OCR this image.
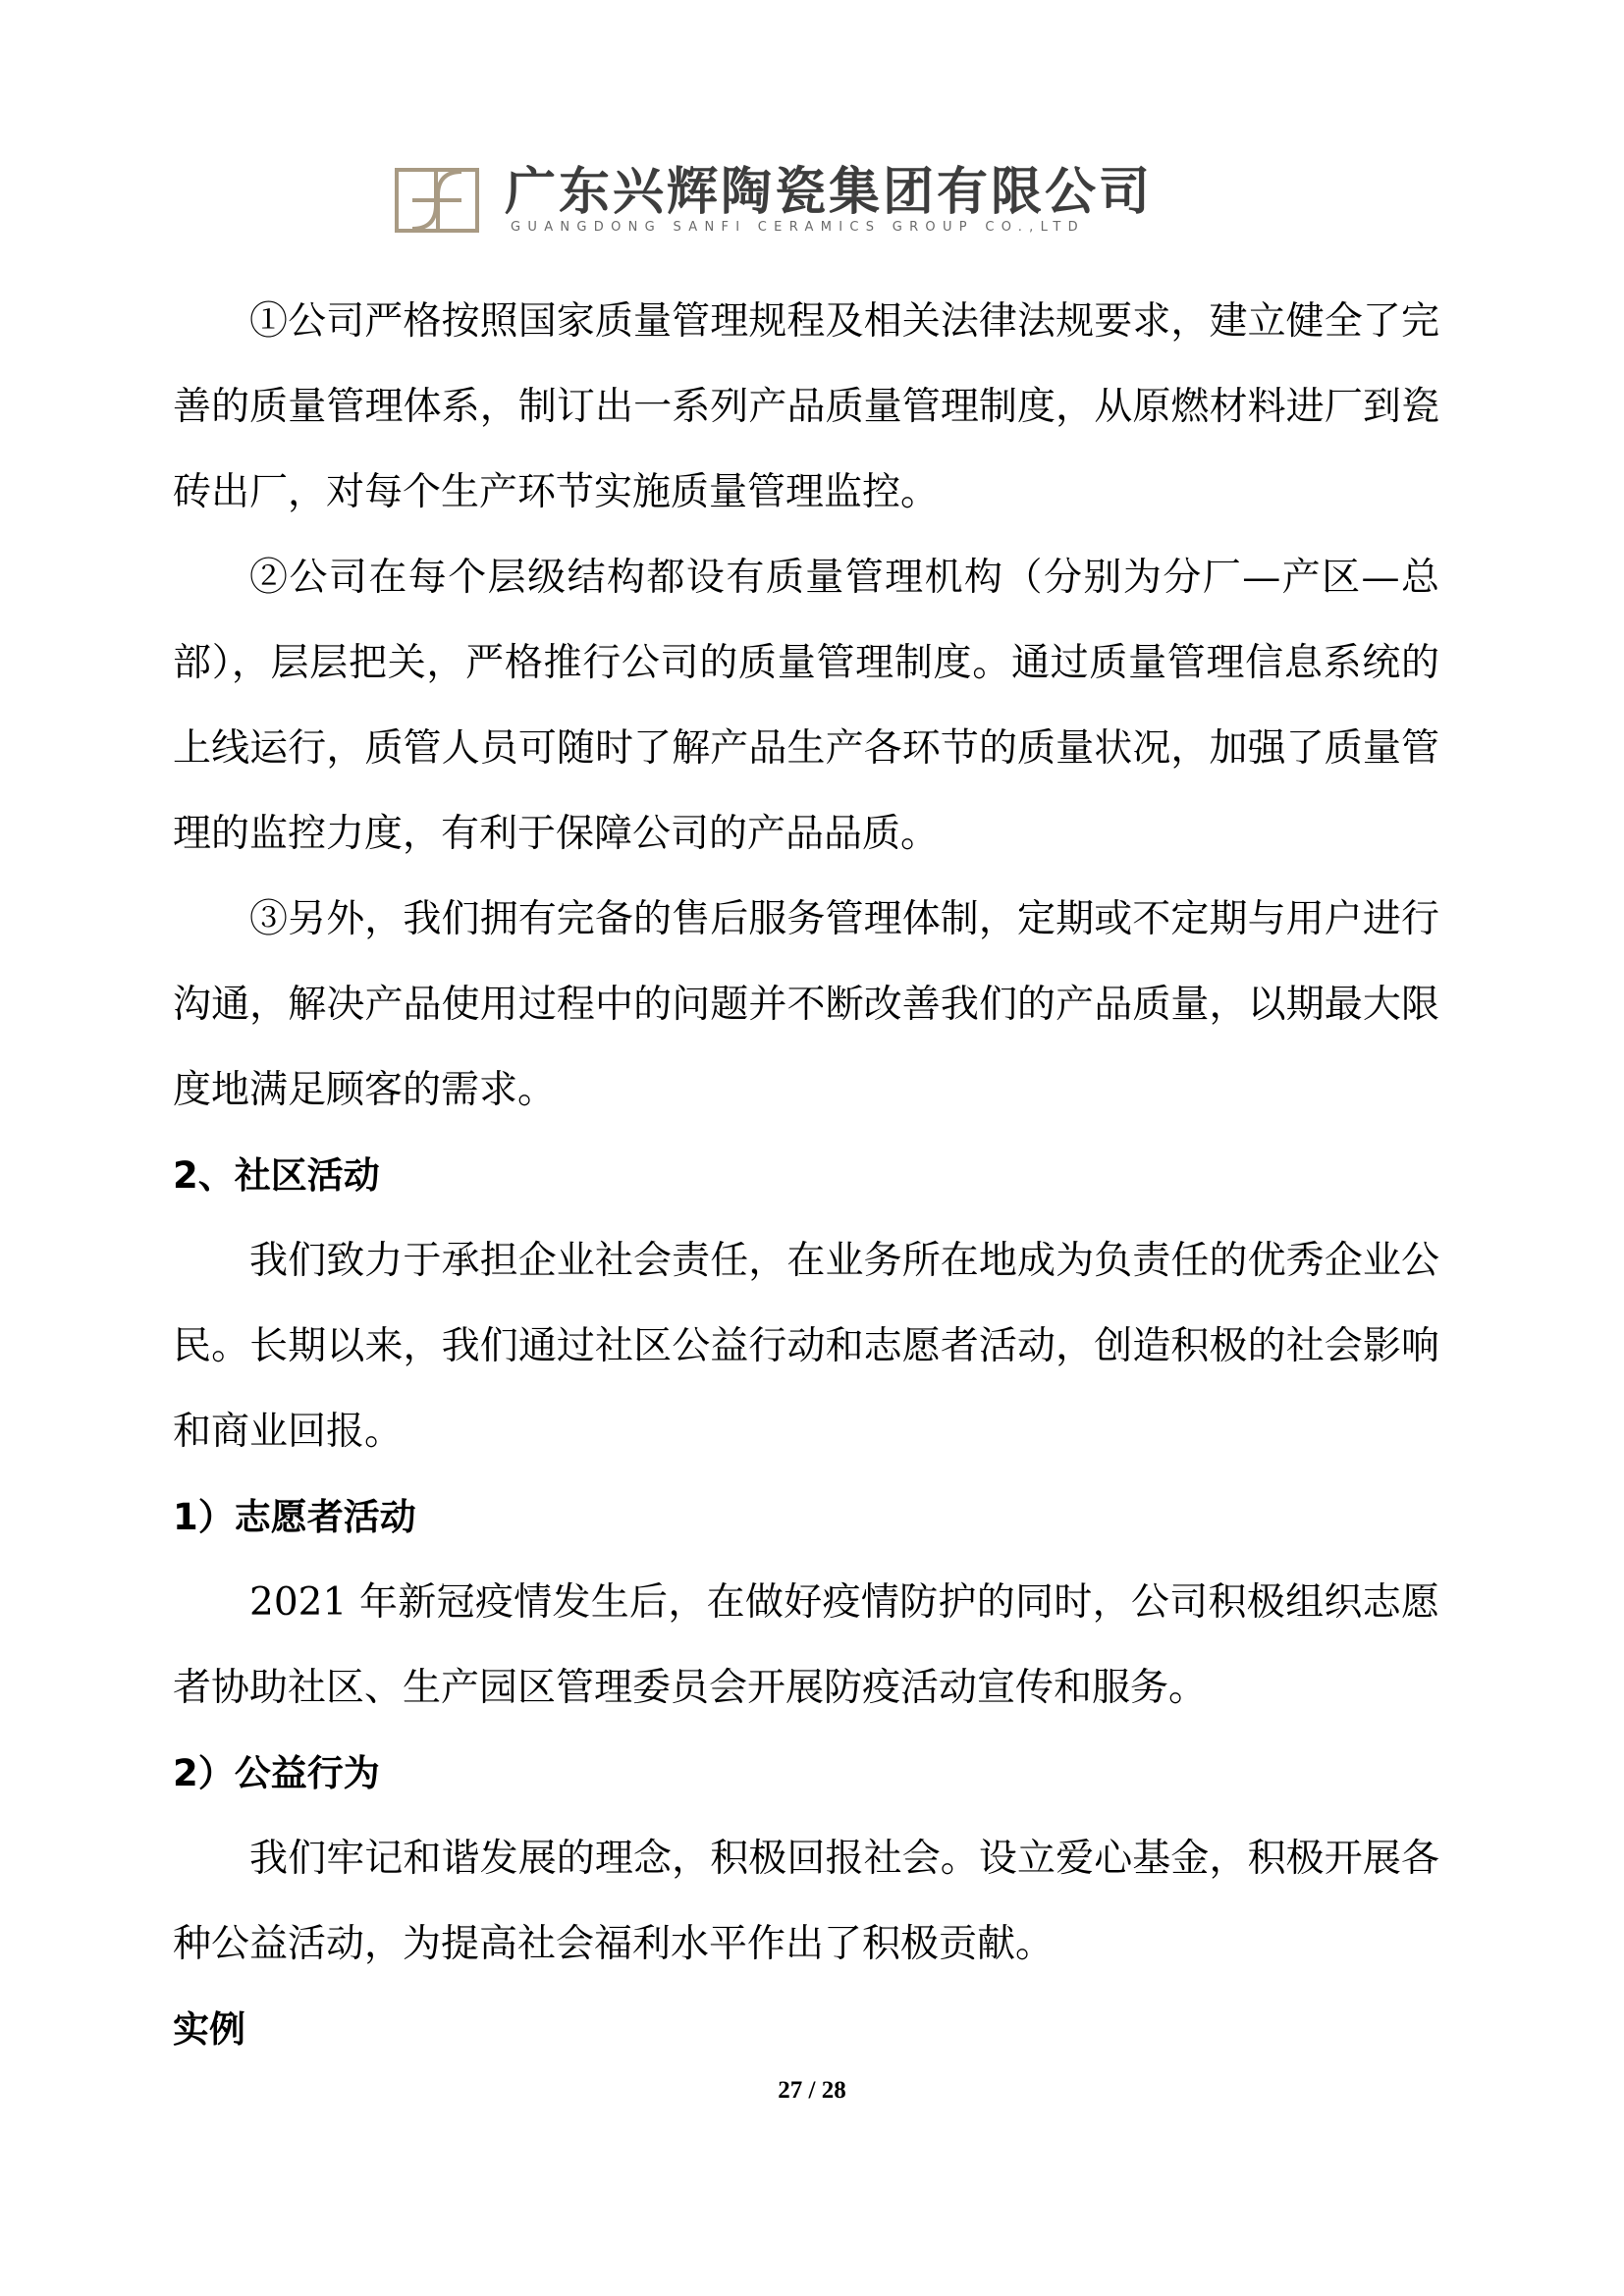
广东兴辉陶瓷集团有限公司
GUANGDONG SANFI CERAMICS GROUP CO.,LTD

①公司严格按照国家质量管理规程及相关法律法规要求，建立健全了完善的质量管理体系，制订出一系列产品质量管理制度，从原燃材料进厂到瓷砖出厂，对每个生产环节实施质量管理监控。

②公司在每个层级结构都设有质量管理机构（分别为分厂—产区—总部），层层把关，严格推行公司的质量管理制度。通过质量管理信息系统的上线运行，质管人员可随时了解产品生产各环节的质量状况，加强了质量管理的监控力度，有利于保障公司的产品品质。

③另外，我们拥有完备的售后服务管理体制，定期或不定期与用户进行沟通，解决产品使用过程中的问题并不断改善我们的产品质量，以期最大限度地满足顾客的需求。

2、社区活动

我们致力于承担企业社会责任，在业务所在地成为负责任的优秀企业公民。长期以来，我们通过社区公益行动和志愿者活动，创造积极的社会影响和商业回报。

1）志愿者活动

2021 年新冠疫情发生后，在做好疫情防护的同时，公司积极组织志愿者协助社区、生产园区管理委员会开展防疫活动宣传和服务。

2）公益行为

我们牢记和谐发展的理念，积极回报社会。设立爱心基金，积极开展各种公益活动，为提高社会福利水平作出了积极贡献。

实例
27 / 28
